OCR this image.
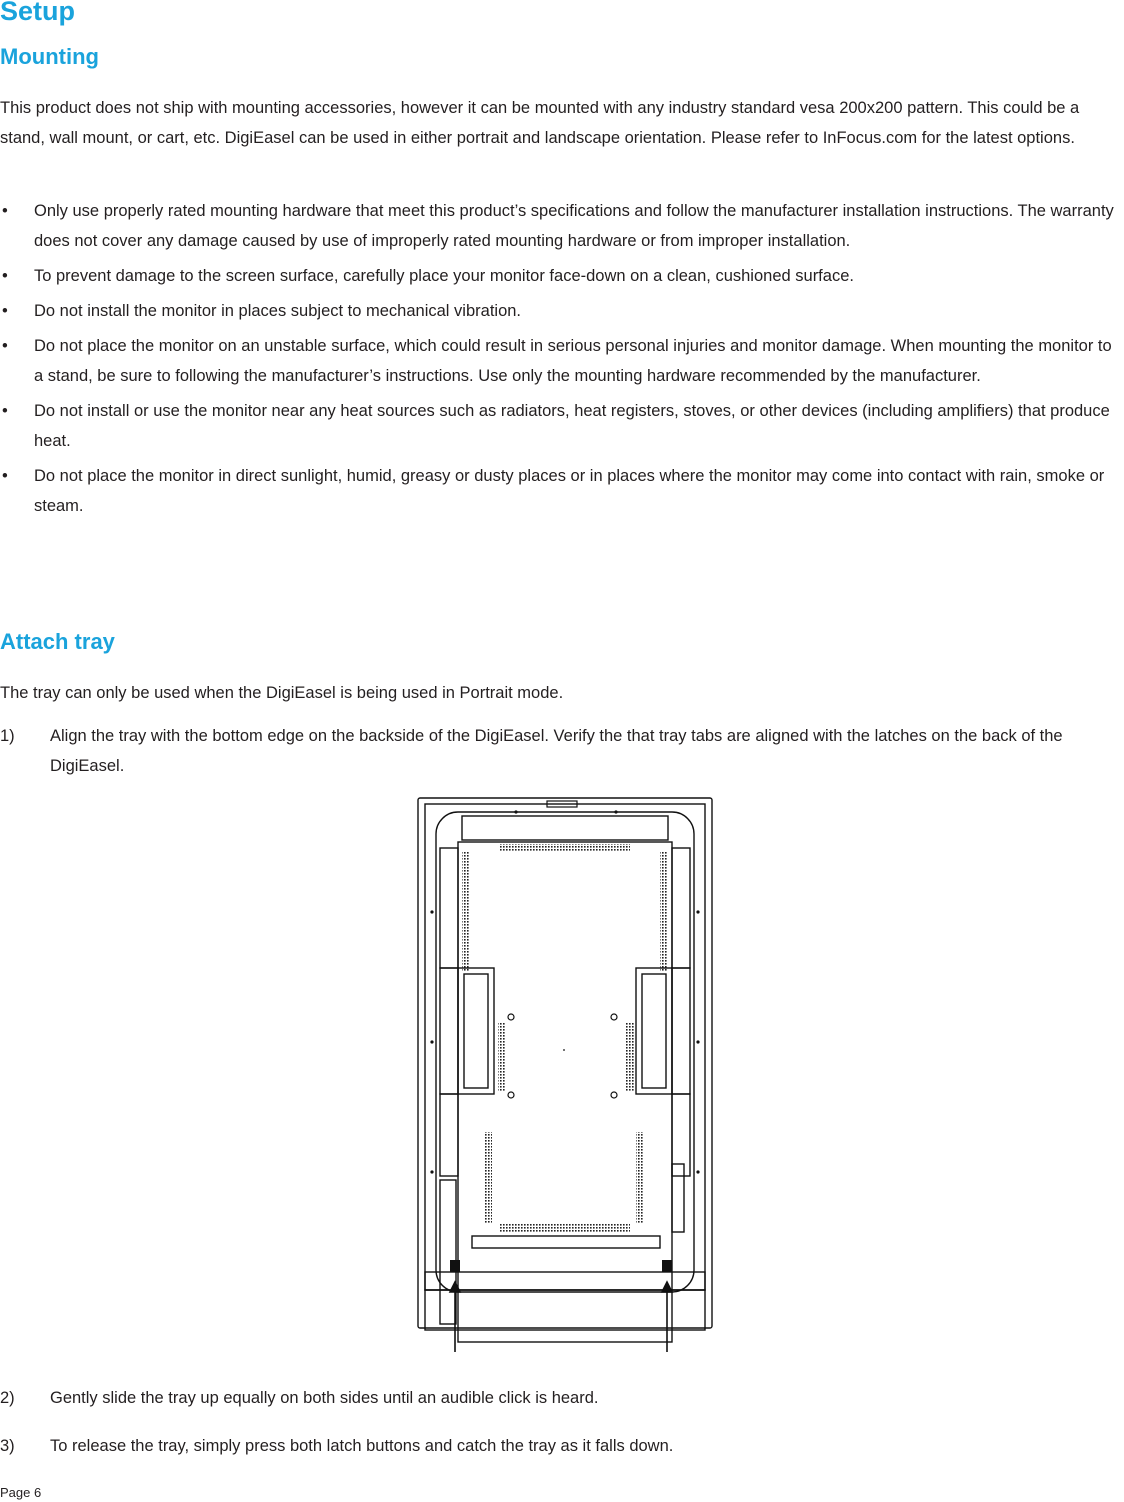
Setup
Mounting

This product does not ship with mounting accessories, however it can be mounted with any industry standard vesa 200x200 pattern. This could be a stand, wall mount, or cart, etc. DigiEasel can be used in either portrait and landscape orientation. Please refer to InFocus.com for the latest options.

• Only use properly rated mounting hardware that meet this product’s specifications and follow the manufacturer installation instructions. The warranty does not cover any damage caused by use of improperly rated mounting hardware or from improper installation.
• To prevent damage to the screen surface, carefully place your monitor face-down on a clean, cushioned surface.
• Do not install the monitor in places subject to mechanical vibration.
• Do not place the monitor on an unstable surface, which could result in serious personal injuries and monitor damage. When mounting the monitor to a stand, be sure to following the manufacturer’s instructions. Use only the mounting hardware recommended by the manufacturer.
• Do not install or use the monitor near any heat sources such as radiators, heat registers, stoves, or other devices (including amplifiers) that produce heat.
• Do not place the monitor in direct sunlight, humid, greasy or dusty places or in places where the monitor may come into contact with rain, smoke or steam.
Attach tray

The tray can only be used when the DigiEasel is being used in Portrait mode.

1) Align the tray with the bottom edge on the backside of the DigiEasel. Verify the that tray tabs are aligned with the latches on the back of the DigiEasel.
2) Gently slide the tray up equally on both sides until an audible click is heard.
3) To release the tray, simply press both latch buttons and catch the tray as it falls down.
Page 6
